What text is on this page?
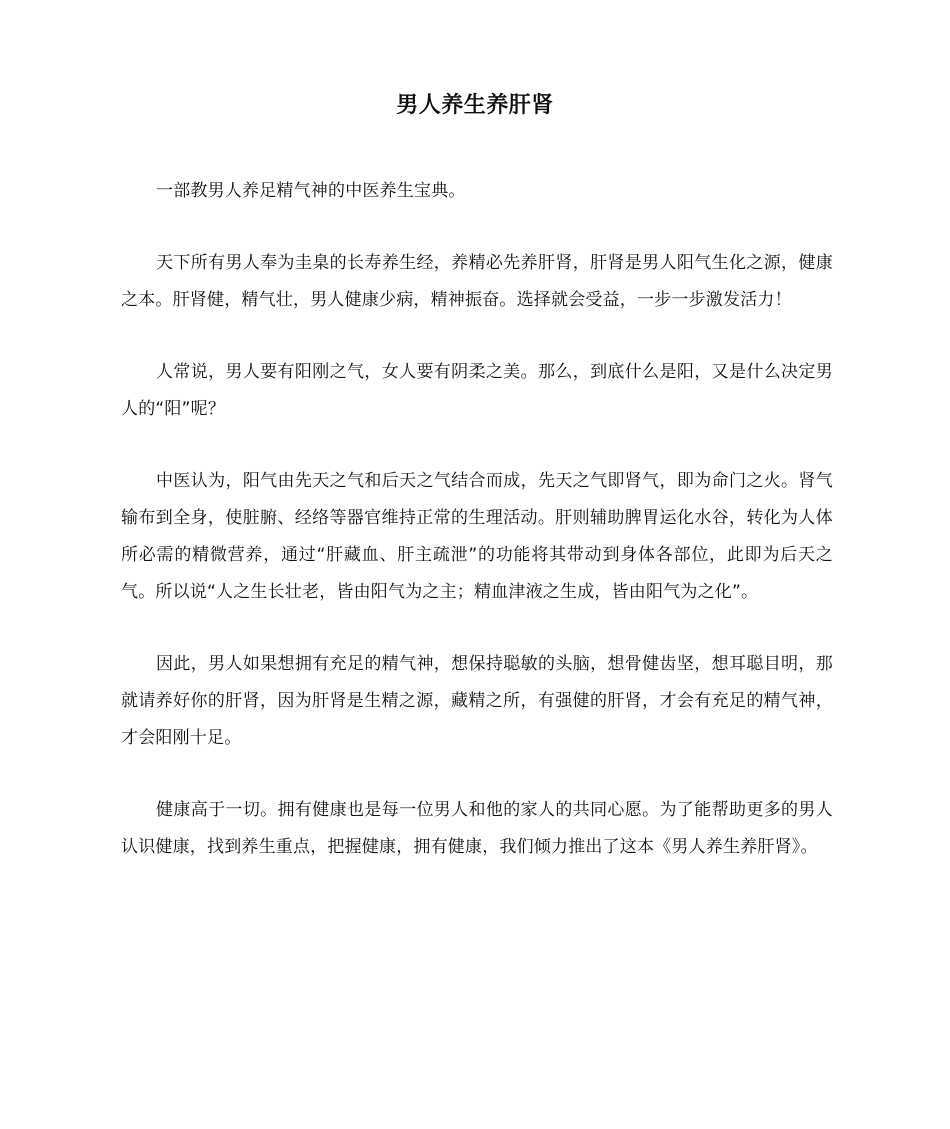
男人养生养肝肾

一部教男人养足精气神的中医养生宝典。

天下所有男人奉为圭臬的长寿养生经，养精必先养肝肾，肝肾是男人阳气生化之源，健康之本。肝肾健，精气壮，男人健康少病，精神振奋。选择就会受益，一步一步激发活力！

人常说，男人要有阳刚之气，女人要有阴柔之美。那么，到底什么是阳，又是什么决定男人的“阳”呢？

中医认为，阳气由先天之气和后天之气结合而成，先天之气即肾气，即为命门之火。肾气输布到全身，使脏腑、经络等器官维持正常的生理活动。肝则辅助脾胃运化水谷，转化为人体所必需的精微营养，通过“肝藏血、肝主疏泄”的功能将其带动到身体各部位，此即为后天之气。所以说“人之生长壮老，皆由阳气为之主；精血津液之生成，皆由阳气为之化”。

因此，男人如果想拥有充足的精气神，想保持聪敏的头脑，想骨健齿坚，想耳聪目明，那就请养好你的肝肾，因为肝肾是生精之源，藏精之所，有强健的肝肾，才会有充足的精气神，才会阳刚十足。

健康高于一切。拥有健康也是每一位男人和他的家人的共同心愿。为了能帮助更多的男人认识健康，找到养生重点，把握健康，拥有健康，我们倾力推出了这本《男人养生养肝肾》。
